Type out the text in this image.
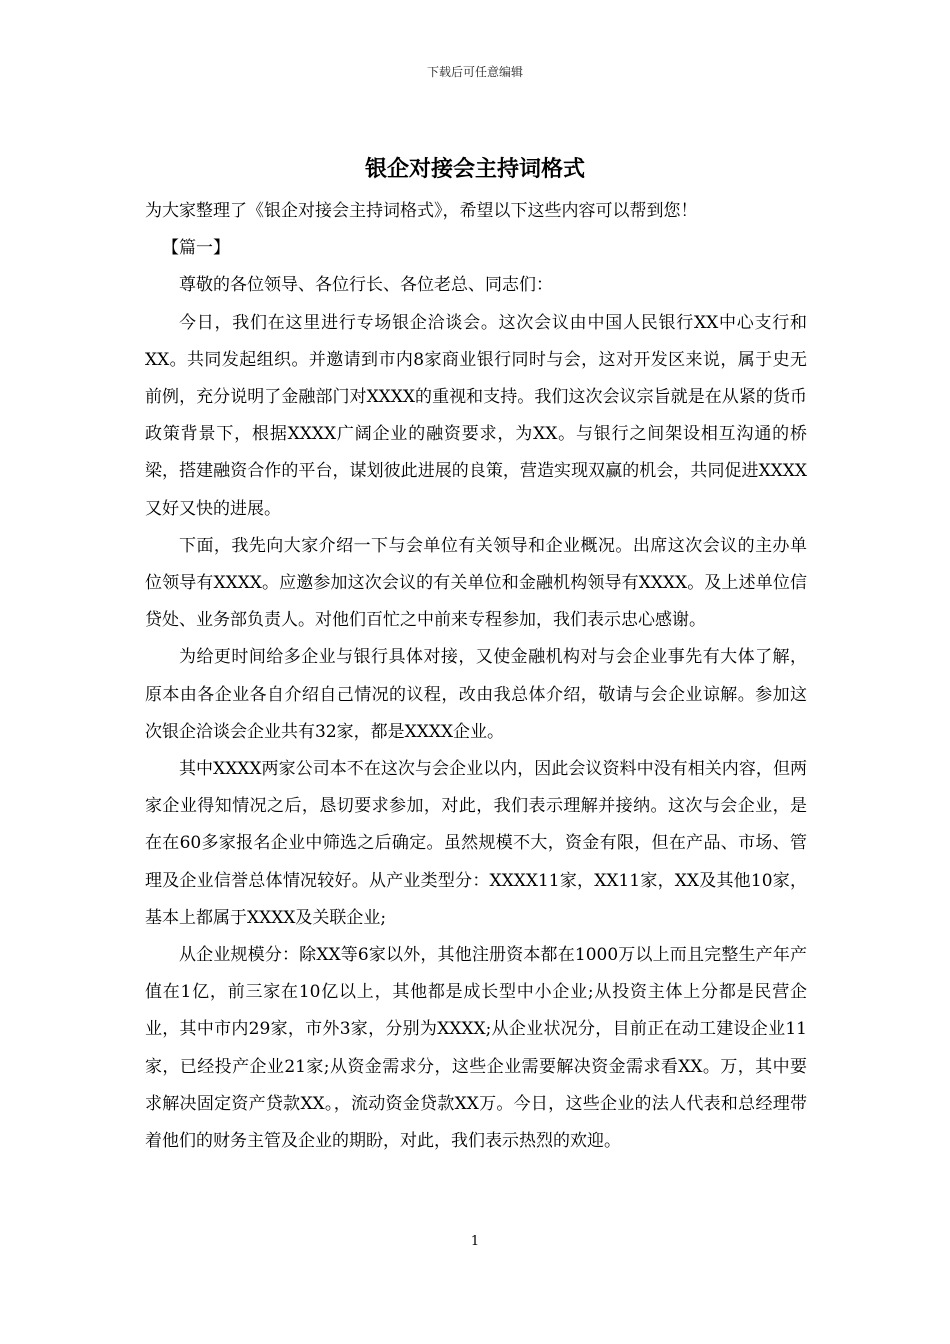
下载后可任意编辑
银企对接会主持词格式

为大家整理了《银企对接会主持词格式》，希望以下这些内容可以帮到您！

【篇一】

尊敬的各位领导、各位行长、各位老总、同志们：

今日，我们在这里进行专场银企洽谈会。这次会议由中国人民银行XX中心支行和XX。共同发起组织。并邀请到市内8家商业银行同时与会，这对开发区来说，属于史无前例，充分说明了金融部门对XXXX的重视和支持。我们这次会议宗旨就是在从紧的货币政策背景下，根据XXXX广阔企业的融资要求，为XX。与银行之间架设相互沟通的桥梁，搭建融资合作的平台，谋划彼此进展的良策，营造实现双赢的机会，共同促进XXXX又好又快的进展。

下面，我先向大家介绍一下与会单位有关领导和企业概况。出席这次会议的主办单位领导有XXXX。应邀参加这次会议的有关单位和金融机构领导有XXXX。及上述单位信贷处、业务部负责人。对他们百忙之中前来专程参加，我们表示忠心感谢。

为给更时间给多企业与银行具体对接，又使金融机构对与会企业事先有大体了解，原本由各企业各自介绍自己情况的议程，改由我总体介绍，敬请与会企业谅解。参加这次银企洽谈会企业共有32家，都是XXXX企业。

其中XXXX两家公司本不在这次与会企业以内，因此会议资料中没有相关内容，但两家企业得知情况之后，恳切要求参加，对此，我们表示理解并接纳。这次与会企业，是在在60多家报名企业中筛选之后确定。虽然规模不大，资金有限，但在产品、市场、管理及企业信誉总体情况较好。从产业类型分：XXXX11家，XX11家，XX及其他10家，基本上都属于XXXX及关联企业;

从企业规模分：除XX等6家以外，其他注册资本都在1000万以上而且完整生产年产值在1亿，前三家在10亿以上，其他都是成长型中小企业;从投资主体上分都是民营企业，其中市内29家，市外3家，分别为XXXX;从企业状况分，目前正在动工建设企业11家，已经投产企业21家;从资金需求分，这些企业需要解决资金需求看XX。万，其中要求解决固定资产贷款XX。，流动资金贷款XX万。今日，这些企业的法人代表和总经理带着他们的财务主管及企业的期盼，对此，我们表示热烈的欢迎。

1
